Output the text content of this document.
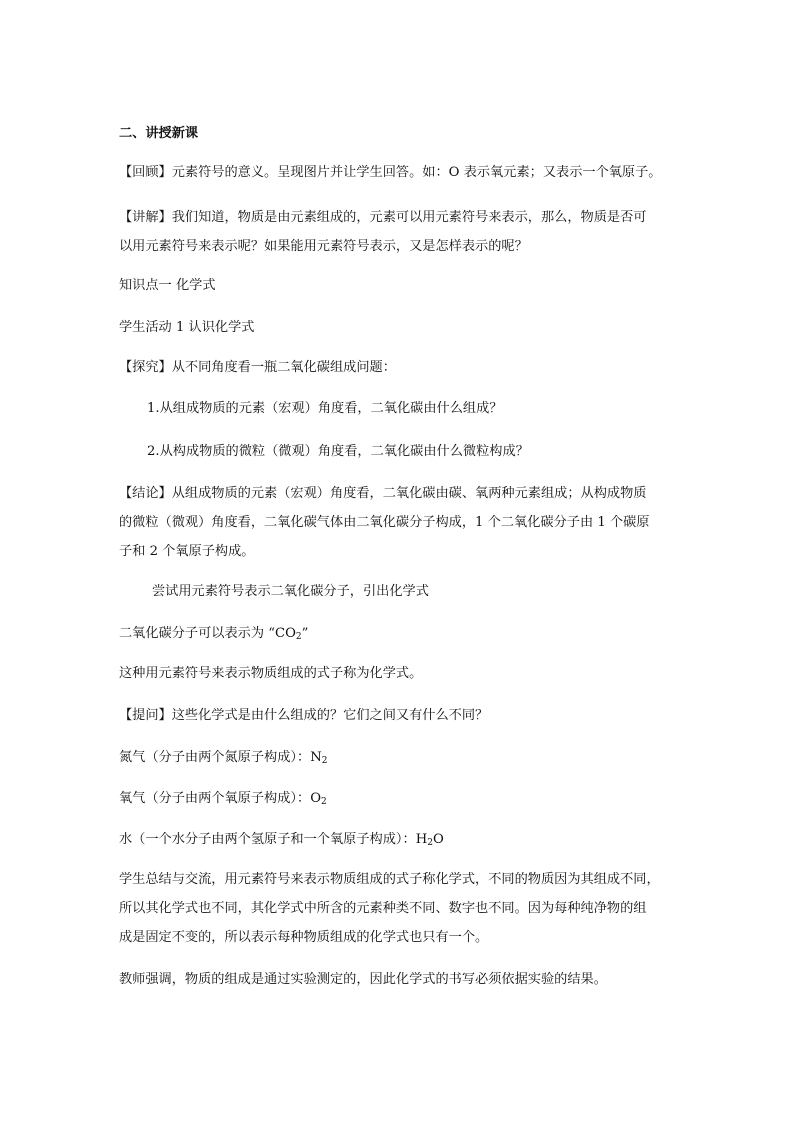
二、讲授新课
【回顾】元素符号的意义。呈现图片并让学生回答。如：O 表示氧元素；又表示一个氧原子。
【讲解】我们知道，物质是由元素组成的，元素可以用元素符号来表示，那么，物质是否可
以用元素符号来表示呢？如果能用元素符号表示，又是怎样表示的呢？
知识点一 化学式
学生活动 1 认识化学式
【探究】从不同角度看一瓶二氧化碳组成问题：
1.从组成物质的元素（宏观）角度看，二氧化碳由什么组成？
2.从构成物质的微粒（微观）角度看，二氧化碳由什么微粒构成？
【结论】从组成物质的元素（宏观）角度看，二氧化碳由碳、氧两种元素组成；从构成物质
的微粒（微观）角度看，二氧化碳气体由二氧化碳分子构成，1 个二氧化碳分子由 1 个碳原
子和 2 个氧原子构成。
尝试用元素符号表示二氧化碳分子，引出化学式
二氧化碳分子可以表示为 “$CO_2$”
这种用元素符号来表示物质组成的式子称为化学式。
【提问】这些化学式是由什么组成的？它们之间又有什么不同？
氮气（分子由两个氮原子构成）：$N_2$
氧气（分子由两个氧原子构成）：$O_2$
水（一个水分子由两个氢原子和一个氧原子构成）：$H_2O$
学生总结与交流，用元素符号来表示物质组成的式子称化学式，不同的物质因为其组成不同，
所以其化学式也不同，其化学式中所含的元素种类不同、数字也不同。因为每种纯净物的组
成是固定不变的，所以表示每种物质组成的化学式也只有一个。
教师强调，物质的组成是通过实验测定的，因此化学式的书写必须依据实验的结果。
